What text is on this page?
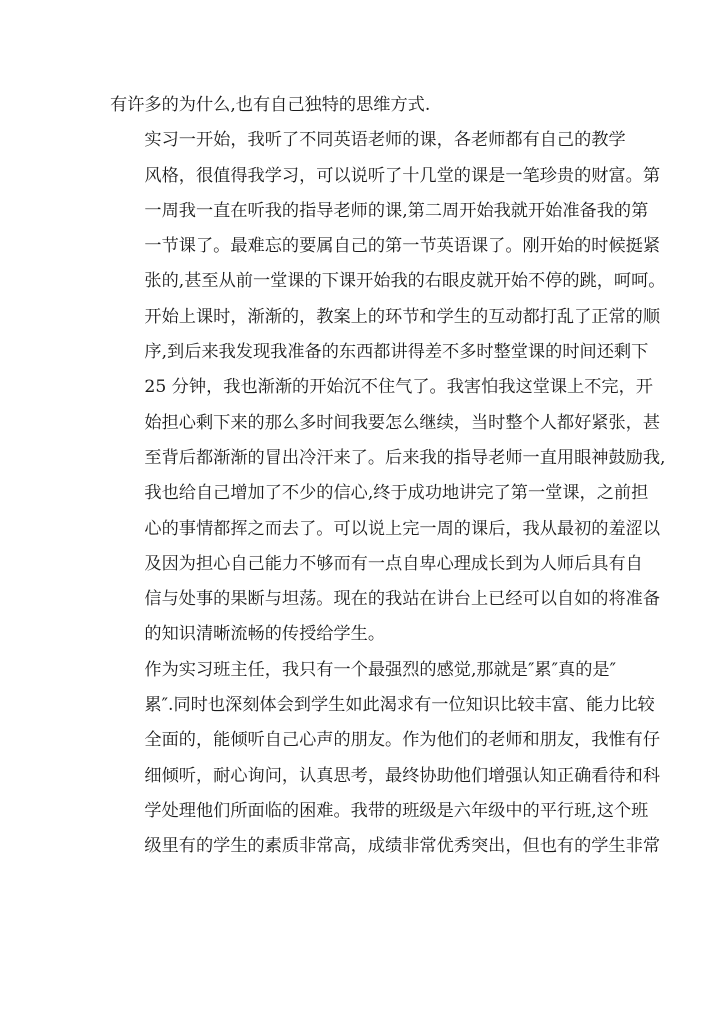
有许多的为什么,也有自己独特的思维方式.

实习一开始，我听了不同英语老师的课，各老师都有自己的教学
风格，很值得我学习，可以说听了十几堂的课是一笔珍贵的财富。第
一周我一直在听我的指导老师的课,第二周开始我就开始准备我的第
一节课了。最难忘的要属自己的第一节英语课了。刚开始的时候挺紧
张的,甚至从前一堂课的下课开始我的右眼皮就开始不停的跳，呵呵。
开始上课时，渐渐的，教案上的环节和学生的互动都打乱了正常的顺
序,到后来我发现我准备的东西都讲得差不多时整堂课的时间还剩下
25 分钟，我也渐渐的开始沉不住气了。我害怕我这堂课上不完，开
始担心剩下来的那么多时间我要怎么继续，当时整个人都好紧张，甚
至背后都渐渐的冒出冷汗来了。后来我的指导老师一直用眼神鼓励我,
我也给自己增加了不少的信心,终于成功地讲完了第一堂课，之前担
心的事情都挥之而去了。可以说上完一周的课后，我从最初的羞涩以
及因为担心自己能力不够而有一点自卑心理成长到为人师后具有自
信与处事的果断与坦荡。现在的我站在讲台上已经可以自如的将准备
的知识清晰流畅的传授给学生。

作为实习班主任，我只有一个最强烈的感觉,那就是″累″真的是″
累″.同时也深刻体会到学生如此渴求有一位知识比较丰富、能力比较
全面的，能倾听自己心声的朋友。作为他们的老师和朋友，我惟有仔
细倾听，耐心询问，认真思考，最终协助他们增强认知正确看待和科
学处理他们所面临的困难。我带的班级是六年级中的平行班,这个班
级里有的学生的素质非常高，成绩非常优秀突出，但也有的学生非常
